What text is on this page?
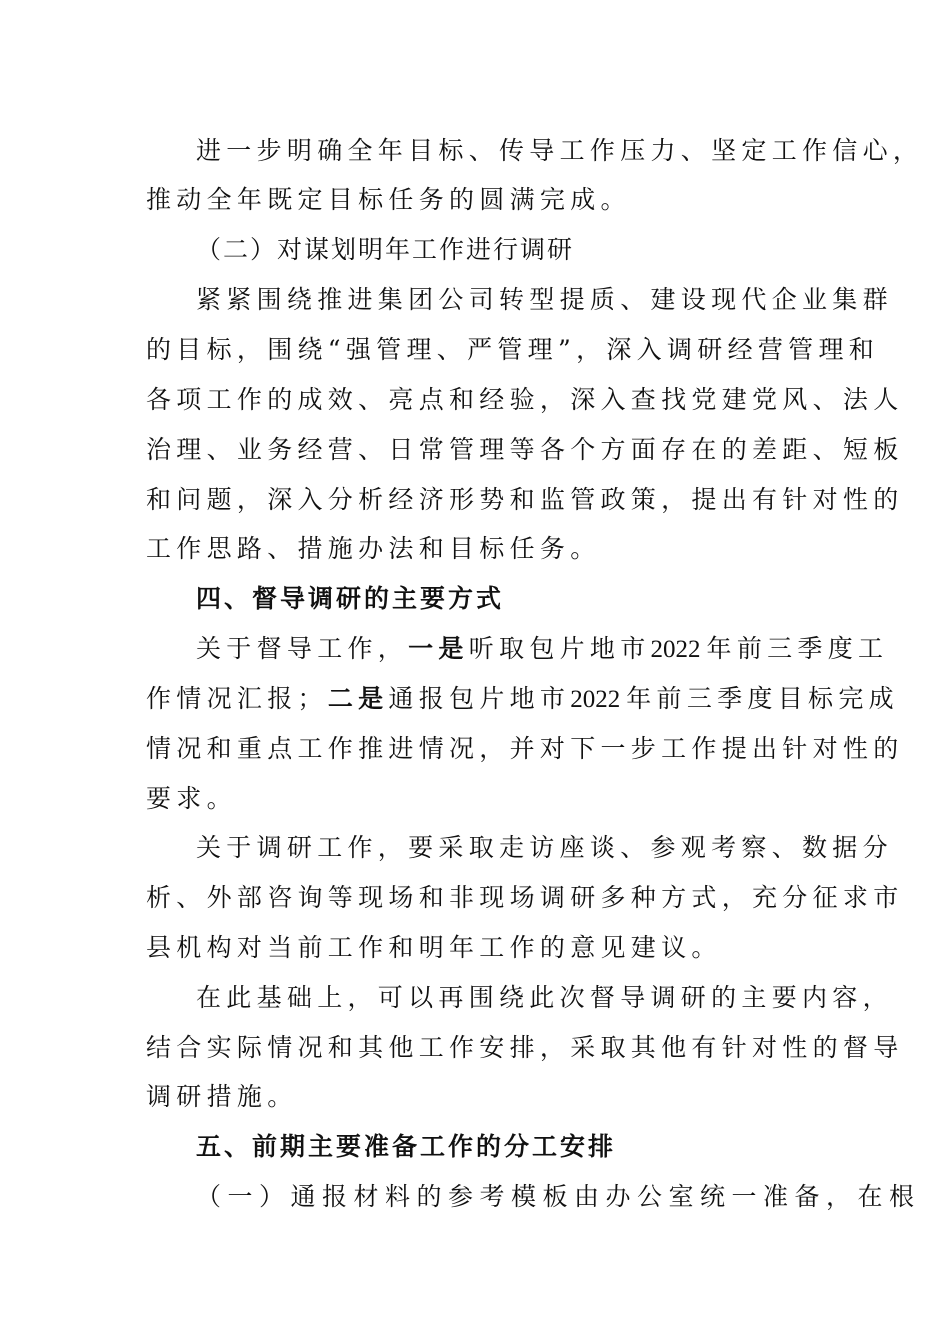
进一步明确全年目标、传导工作压力、坚定工作信心，
推动全年既定目标任务的圆满完成。
（二）对谋划明年工作进行调研
紧紧围绕推进集团公司转型提质、建设现代企业集群
的目标，围绕“强管理、严管理”，深入调研经营管理和
各项工作的成效、亮点和经验，深入查找党建党风、法人
治理、业务经营、日常管理等各个方面存在的差距、短板
和问题，深入分析经济形势和监管政策，提出有针对性的
工作思路、措施办法和目标任务。
四、督导调研的主要方式
关于督导工作，一是听取包片地市2022 年前三季度工
作情况汇报；二是通报包片地市2022 年前三季度目标完成
情况和重点工作推进情况，并对下一步工作提出针对性的
要求。
关于调研工作，要采取走访座谈、参观考察、数据分
析、外部咨询等现场和非现场调研多种方式，充分征求市
县机构对当前工作和明年工作的意见建议。
在此基础上，可以再围绕此次督导调研的主要内容，
结合实际情况和其他工作安排，采取其他有针对性的督导
调研措施。
五、前期主要准备工作的分工安排
（一）通报材料的参考模板由办公室统一准备，在根
